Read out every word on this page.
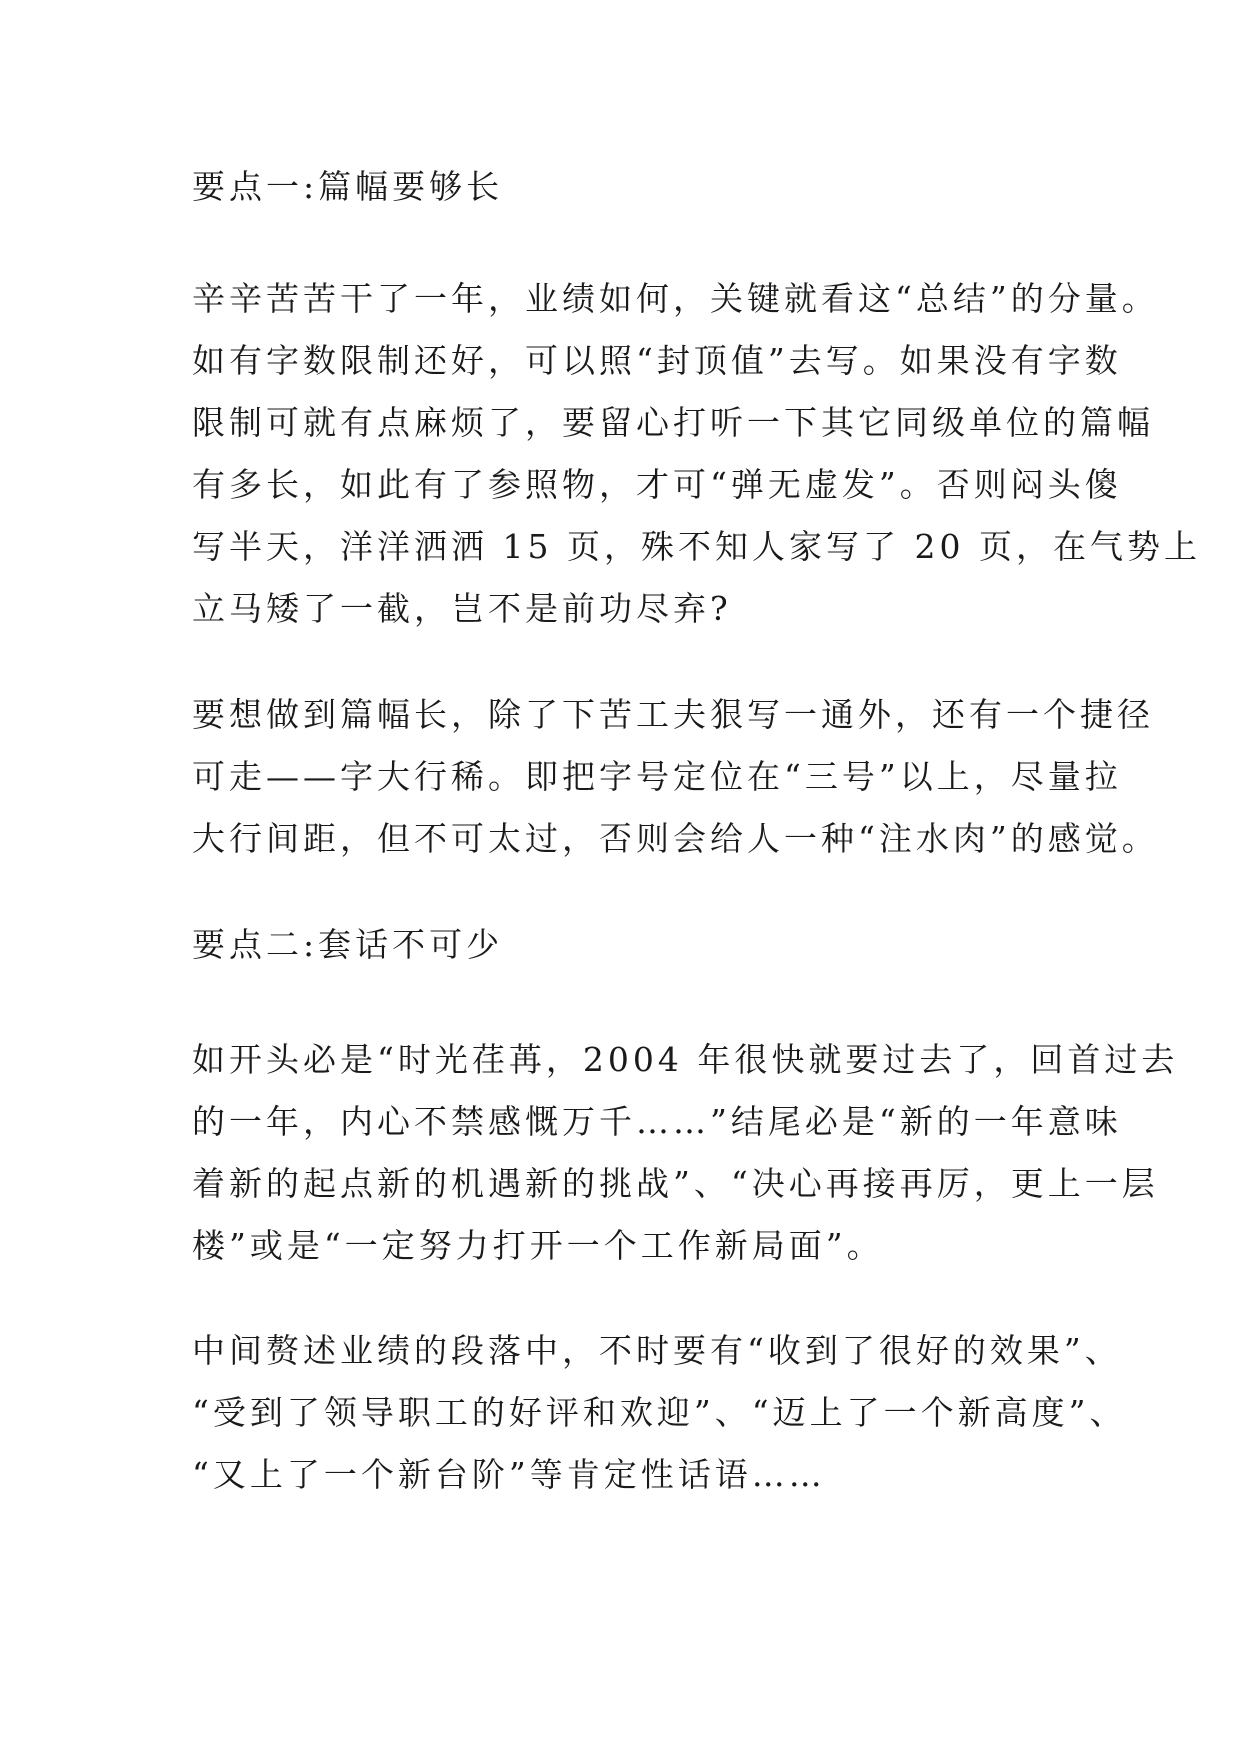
要点一:篇幅要够长

辛辛苦苦干了一年，业绩如何，关键就看这“总结”的分量。
如有字数限制还好，可以照“封顶值”去写。如果没有字数
限制可就有点麻烦了，要留心打听一下其它同级单位的篇幅
有多长，如此有了参照物，才可“弹无虚发”。否则闷头傻
写半天，洋洋洒洒 15 页，殊不知人家写了 20 页，在气势上
立马矮了一截，岂不是前功尽弃?

要想做到篇幅长，除了下苦工夫狠写一通外，还有一个捷径
可走——字大行稀。即把字号定位在“三号”以上，尽量拉
大行间距，但不可太过，否则会给人一种“注水肉”的感觉。

要点二:套话不可少

如开头必是“时光荏苒，2004 年很快就要过去了，回首过去
的一年，内心不禁感慨万千……”结尾必是“新的一年意味
着新的起点新的机遇新的挑战”、“决心再接再厉，更上一层
楼”或是“一定努力打开一个工作新局面”。

中间赘述业绩的段落中，不时要有“收到了很好的效果”、
“受到了领导职工的好评和欢迎”、“迈上了一个新高度”、
“又上了一个新台阶”等肯定性话语……
